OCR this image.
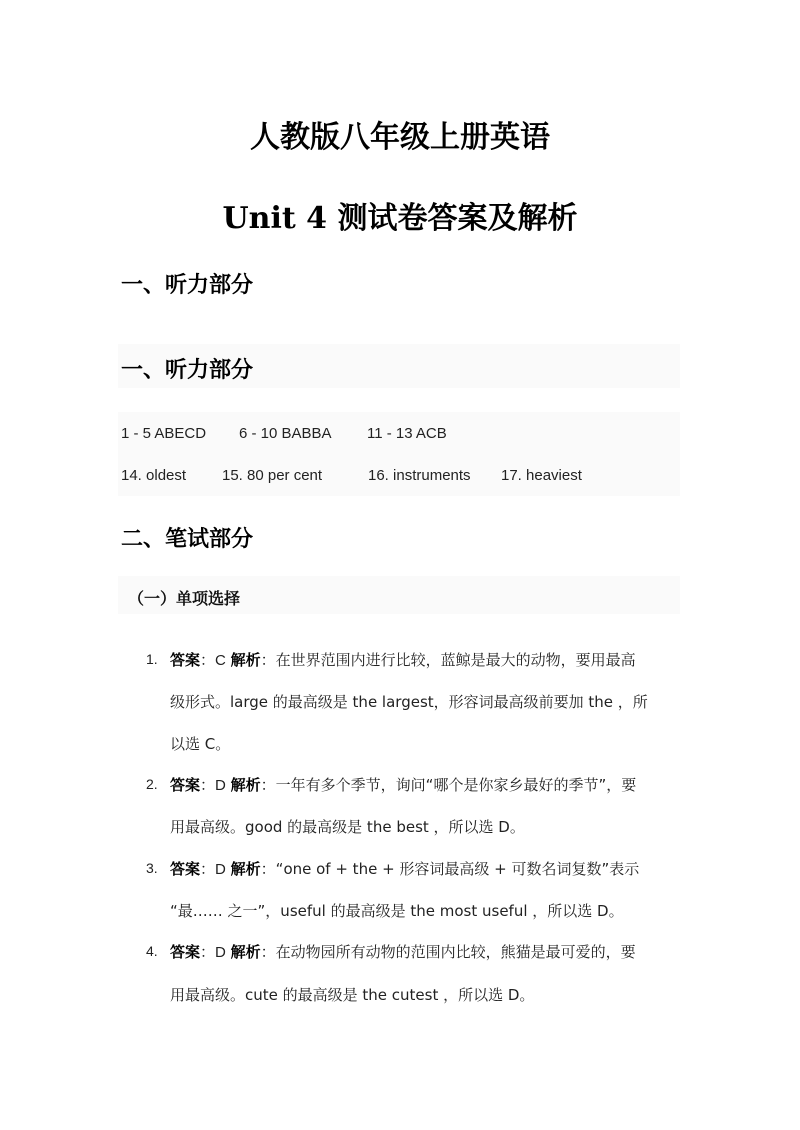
人教版八年级上册英语
Unit 4 测试卷答案及解析
一、听力部分
一、听力部分
1 - 5 ABECD 6 - 10 BABBA 11 - 13 ACB
14. oldest 15. 80 per cent	16. instruments 17. heaviest
二、笔试部分
（一）单项选择
1. 答案：C 解析：在世界范围内进行比较，蓝鲸是最大的动物，要用最高
级形式。large 的最高级是 the largest，形容词最高级前要加 the ，所
以选 C。
2. 答案：D 解析：一年有多个季节，询问“哪个是你家乡最好的季节”，要
用最高级。good 的最高级是 the best ，所以选 D。
3. 答案：D 解析：“one of + the + 形容词最高级 + 可数名词复数”表示
“最…… 之一”，useful 的最高级是 the most useful ，所以选 D。
4. 答案：D 解析：在动物园所有动物的范围内比较，熊猫是最可爱的，要
用最高级。cute 的最高级是 the cutest ，所以选 D。
